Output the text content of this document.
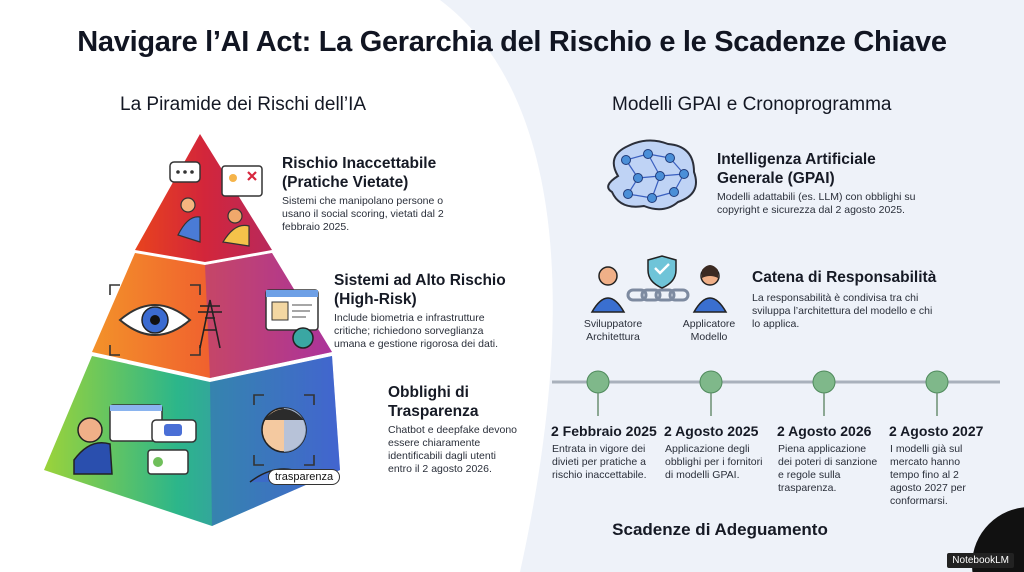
Navigare l’AI Act: La Gerarchia del Rischio e le Scadenze Chiave
La Piramide dei Rischi dell’IA	Modelli GPAI e Cronoprogramma
trasparenza
Rischio Inaccettabile (Pratiche Vietate)
Sistemi che manipolano persone o usano il social scoring, vietati dal 2 febbraio 2025.
Sistemi ad Alto Rischio (High-Risk)
Include biometria e infrastrutture critiche; richiedono sorveglianza umana e gestione rigorosa dei dati.
Obblighi di Trasparenza
Chatbot e deepfake devono essere chiaramente identificabili dagli utenti entro il 2 agosto 2026.
Intelligenza Artificiale Generale (GPAI)
Modelli adattabili (es. LLM) con obblighi su copyright e sicurezza dal 2 agosto 2025.
Sviluppatore Architettura
Applicatore Modello
Catena di Responsabilità
La responsabilità è condivisa tra chi sviluppa l’architettura del modello e chi lo applica.
2 Febbraio 2025
Entrata in vigore dei divieti per pratiche a rischio inaccettabile.
2 Agosto 2025
Applicazione degli obblighi per i fornitori di modelli GPAI.
2 Agosto 2026
Piena applicazione dei poteri di sanzione e regole sulla trasparenza.
2 Agosto 2027
I modelli già sul mercato hanno tempo fino al 2 agosto 2027 per conformarsi.
Scadenze di Adeguamento
NotebookLM
